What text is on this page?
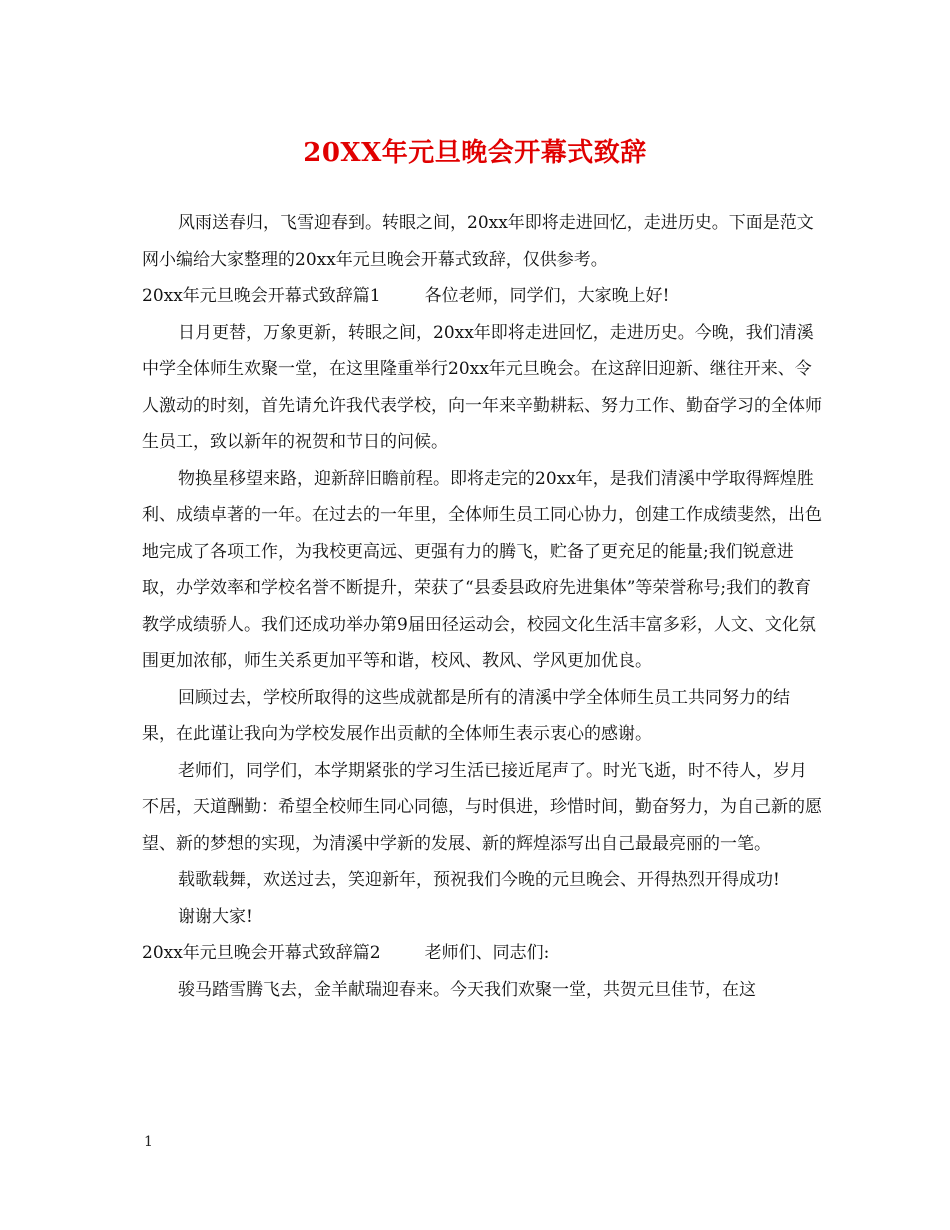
20XX年元旦晚会开幕式致辞

风雨送春归，飞雪迎春到。转眼之间，20xx年即将走进回忆，走进历史。下面是范文网小编给大家整理的20xx年元旦晚会开幕式致辞，仅供参考。

20xx年元旦晚会开幕式致辞篇1	各位老师，同学们，大家晚上好!

日月更替，万象更新，转眼之间，20xx年即将走进回忆，走进历史。今晚，我们清溪中学全体师生欢聚一堂，在这里隆重举行20xx年元旦晚会。在这辞旧迎新、继往开来、令人激动的时刻，首先请允许我代表学校，向一年来辛勤耕耘、努力工作、勤奋学习的全体师生员工，致以新年的祝贺和节日的问候。

物换星移望来路，迎新辞旧瞻前程。即将走完的20xx年，是我们清溪中学取得辉煌胜利、成绩卓著的一年。在过去的一年里，全体师生员工同心协力，创建工作成绩斐然，出色地完成了各项工作，为我校更高远、更强有力的腾飞，贮备了更充足的能量;我们锐意进取，办学效率和学校名誉不断提升，荣获了“县委县政府先进集体”等荣誉称号;我们的教育教学成绩骄人。我们还成功举办第9届田径运动会，校园文化生活丰富多彩，人文、文化氛围更加浓郁，师生关系更加平等和谐，校风、教风、学风更加优良。

回顾过去，学校所取得的这些成就都是所有的清溪中学全体师生员工共同努力的结果，在此谨让我向为学校发展作出贡献的全体师生表示衷心的感谢。

老师们，同学们，本学期紧张的学习生活已接近尾声了。时光飞逝，时不待人，岁月不居，天道酬勤：希望全校师生同心同德，与时俱进，珍惜时间，勤奋努力，为自己新的愿望、新的梦想的实现，为清溪中学新的发展、新的辉煌添写出自己最最亮丽的一笔。

载歌载舞，欢送过去，笑迎新年，预祝我们今晚的元旦晚会、开得热烈开得成功!

谢谢大家!

20xx年元旦晚会开幕式致辞篇2	老师们、同志们:

骏马踏雪腾飞去，金羊献瑞迎春来。今天我们欢聚一堂，共贺元旦佳节，在这

1
